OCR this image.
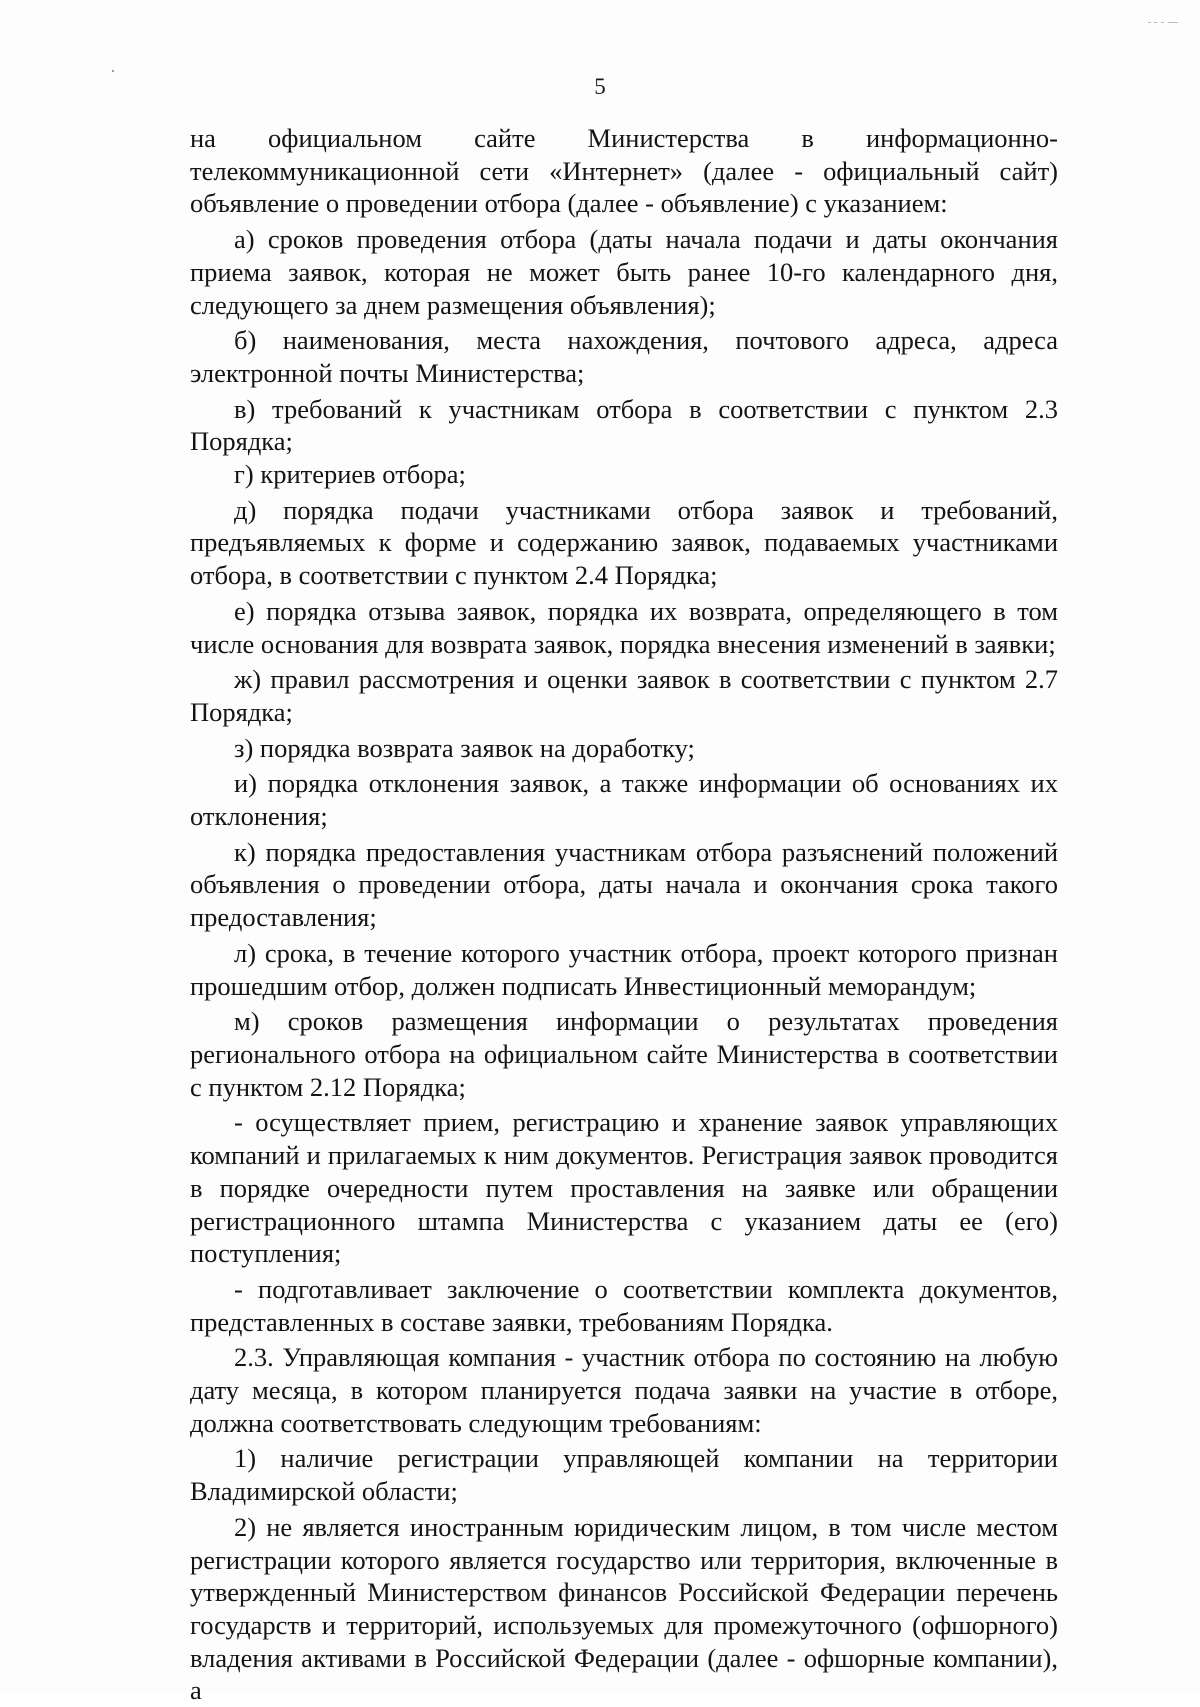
5

на официальном сайте Министерства в информационно-телекоммуникационной сети «Интернет» (далее - официальный сайт) объявление о проведении отбора (далее - объявление) с указанием:

а) сроков проведения отбора (даты начала подачи и даты окончания приема заявок, которая не может быть ранее 10-го календарного дня, следующего за днем размещения объявления);

б) наименования, места нахождения, почтового адреса, адреса электронной почты Министерства;

в) требований к участникам отбора в соответствии с пунктом 2.3 Порядка;

г) критериев отбора;

д) порядка подачи участниками отбора заявок и требований, предъявляемых к форме и содержанию заявок, подаваемых участниками отбора, в соответствии с пунктом 2.4 Порядка;

е) порядка отзыва заявок, порядка их возврата, определяющего в том числе основания для возврата заявок, порядка внесения изменений в заявки;

ж) правил рассмотрения и оценки заявок в соответствии с пунктом 2.7 Порядка;

з) порядка возврата заявок на доработку;

и) порядка отклонения заявок, а также информации об основаниях их отклонения;

к) порядка предоставления участникам отбора разъяснений положений объявления о проведении отбора, даты начала и окончания срока такого предоставления;

л) срока, в течение которого участник отбора, проект которого признан прошедшим отбор, должен подписать Инвестиционный меморандум;

м) сроков размещения информации о результатах проведения регионального отбора на официальном сайте Министерства в соответствии с пунктом 2.12 Порядка;

- осуществляет прием, регистрацию и хранение заявок управляющих компаний и прилагаемых к ним документов. Регистрация заявок проводится в порядке очередности путем проставления на заявке или обращении регистрационного штампа Министерства с указанием даты ее (его) поступления;

- подготавливает заключение о соответствии комплекта документов, представленных в составе заявки, требованиям Порядка.

2.3. Управляющая компания - участник отбора по состоянию на любую дату месяца, в котором планируется подача заявки на участие в отборе, должна соответствовать следующим требованиям:

1) наличие регистрации управляющей компании на территории Владимирской области;

2) не является иностранным юридическим лицом, в том числе местом регистрации которого является государство или территория, включенные в утвержденный Министерством финансов Российской Федерации перечень государств и территорий, используемых для промежуточного (офшорного) владения активами в Российской Федерации (далее - офшорные компании), а
